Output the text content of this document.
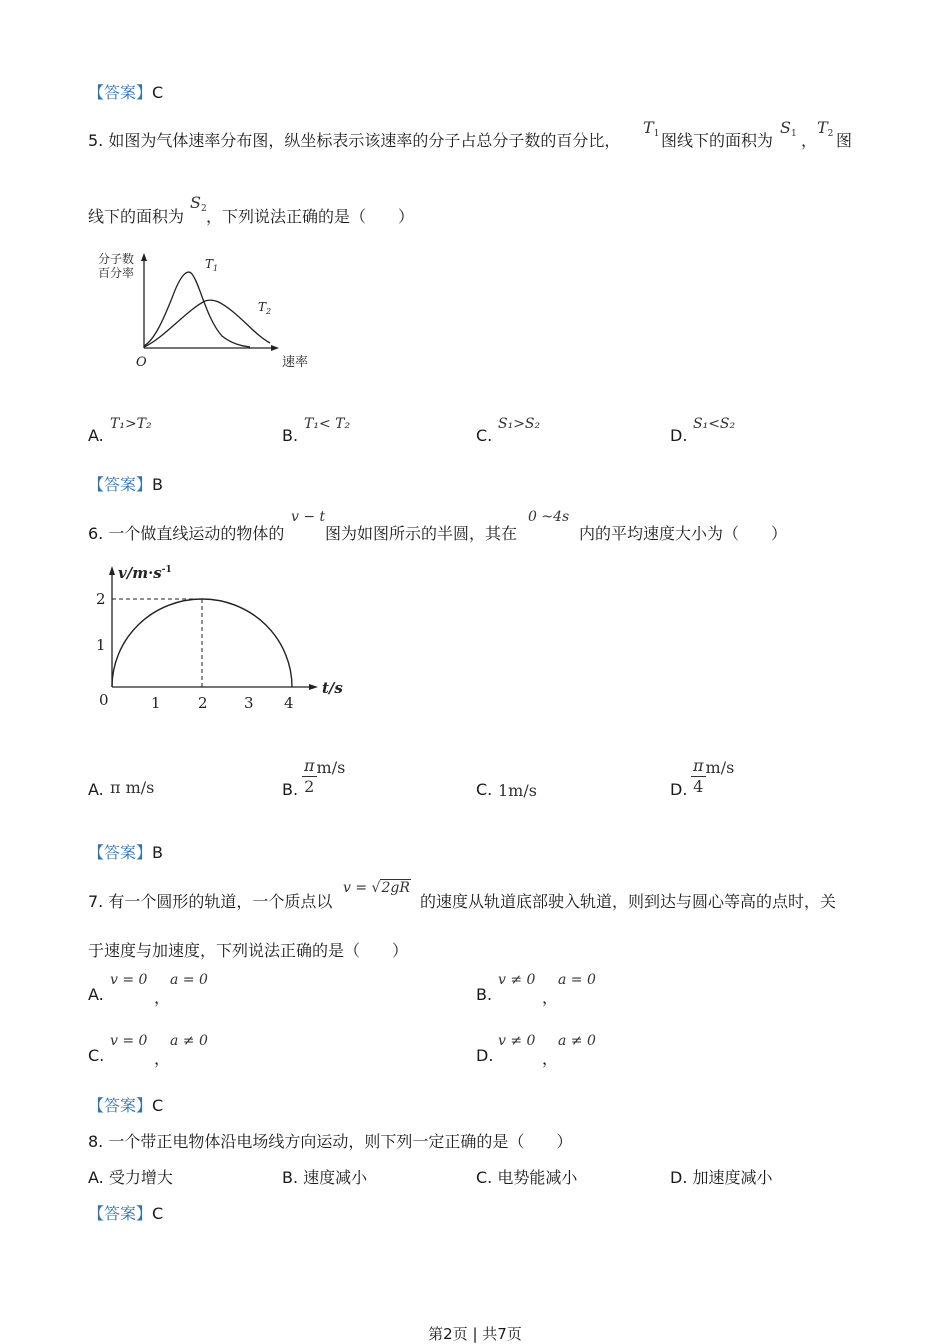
【答案】C
5. 如图为气体速率分布图，纵坐标表示该速率的分子占总分子数的百分比，
$T_1$ 图线下的面积为
$S_1$ ，
$T_2$ 图
线下的面积为
$S_2$ ，下列说法正确的是（　　）
分子数
百分率
O	速率
$T_1$
$T_2$
A.
T₁>T₂
B.
T₁< T₂
C.
S₁>S₂
D.
S₁<S₂
【答案】B
6. 一个做直线运动的物体的
v − t
图为如图所示的半圆，其在
0 ~4s
内的平均速度大小为（　　）
$v/m\cdot s^{-1}$
2
1
0	1 2 3 4
t/s
A. π m/s	B. $\frac{\pi}{2} m/s$
C. 1m/s	D. $\frac{\pi}{4} m/s$
【答案】B
7. 有一个圆形的轨道，一个质点以
v = √2gR
的速度从轨道底部驶入轨道，则到达与圆心等高的点时，关
于速度与加速度，下列说法正确的是（　　）
A.
v = 0
，
a = 0
B.
v ≠ 0
，
a = 0
C.
v = 0
，
a ≠ 0
D.
v ≠ 0
，
a ≠ 0
【答案】C
8. 一个带正电物体沿电场线方向运动，则下列一定正确的是（　　）
A. 受力增大	B. 速度减小	C. 电势能减小	D. 加速度减小
【答案】C
第2页 | 共7页
